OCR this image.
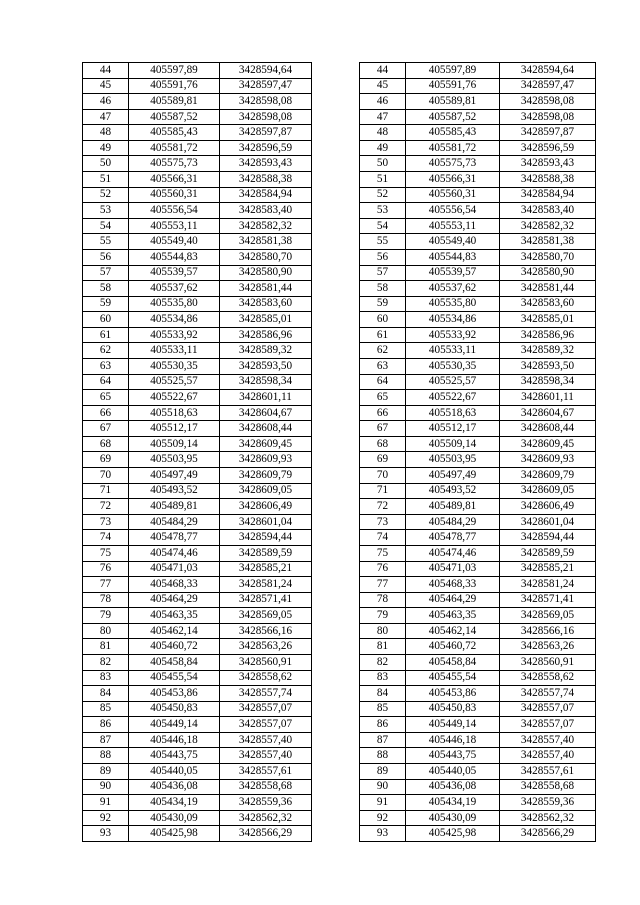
44	405597,89	3428594,64	
45	405591,76	3428597,47	
46	405589,81	3428598,08	
47	405587,52	3428598,08	
48	405585,43	3428597,87	
49	405581,72	3428596,59	
50	405575,73	3428593,43	
51	405566,31	3428588,38	
52	405560,31	3428584,94	
53	405556,54	3428583,40	
54	405553,11	3428582,32	
55	405549,40	3428581,38	
56	405544,83	3428580,70	
57	405539,57	3428580,90	
58	405537,62	3428581,44	
59	405535,80	3428583,60	
60	405534,86	3428585,01	
61	405533,92	3428586,96	
62	405533,11	3428589,32	
63	405530,35	3428593,50	
64	405525,57	3428598,34	
65	405522,67	3428601,11	
66	405518,63	3428604,67	
67	405512,17	3428608,44	
68	405509,14	3428609,45	
69	405503,95	3428609,93	
70	405497,49	3428609,79	
71	405493,52	3428609,05	
72	405489,81	3428606,49	
73	405484,29	3428601,04	
74	405478,77	3428594,44	
75	405474,46	3428589,59	
76	405471,03	3428585,21	
77	405468,33	3428581,24	
78	405464,29	3428571,41	
79	405463,35	3428569,05	
80	405462,14	3428566,16	
81	405460,72	3428563,26	
82	405458,84	3428560,91	
83	405455,54	3428558,62	
84	405453,86	3428557,74	
85	405450,83	3428557,07	
86	405449,14	3428557,07	
87	405446,18	3428557,40	
88	405443,75	3428557,40	
89	405440,05	3428557,61	
90	405436,08	3428558,68	
91	405434,19	3428559,36	
92	405430,09	3428562,32	
93	405425,98	3428566,29	
44	405597,89	3428594,64
45	405591,76	3428597,47
46	405589,81	3428598,08
47	405587,52	3428598,08
48	405585,43	3428597,87
49	405581,72	3428596,59
50	405575,73	3428593,43
51	405566,31	3428588,38
52	405560,31	3428584,94
53	405556,54	3428583,40
54	405553,11	3428582,32
55	405549,40	3428581,38
56	405544,83	3428580,70
57	405539,57	3428580,90
58	405537,62	3428581,44
59	405535,80	3428583,60
60	405534,86	3428585,01
61	405533,92	3428586,96
62	405533,11	3428589,32
63	405530,35	3428593,50
64	405525,57	3428598,34
65	405522,67	3428601,11
66	405518,63	3428604,67
67	405512,17	3428608,44
68	405509,14	3428609,45
69	405503,95	3428609,93
70	405497,49	3428609,79
71	405493,52	3428609,05
72	405489,81	3428606,49
73	405484,29	3428601,04
74	405478,77	3428594,44
75	405474,46	3428589,59
76	405471,03	3428585,21
77	405468,33	3428581,24
78	405464,29	3428571,41
79	405463,35	3428569,05
80	405462,14	3428566,16
81	405460,72	3428563,26
82	405458,84	3428560,91
83	405455,54	3428558,62
84	405453,86	3428557,74
85	405450,83	3428557,07
86	405449,14	3428557,07
87	405446,18	3428557,40
88	405443,75	3428557,40
89	405440,05	3428557,61
90	405436,08	3428558,68
91	405434,19	3428559,36
92	405430,09	3428562,32
93	405425,98	3428566,29
